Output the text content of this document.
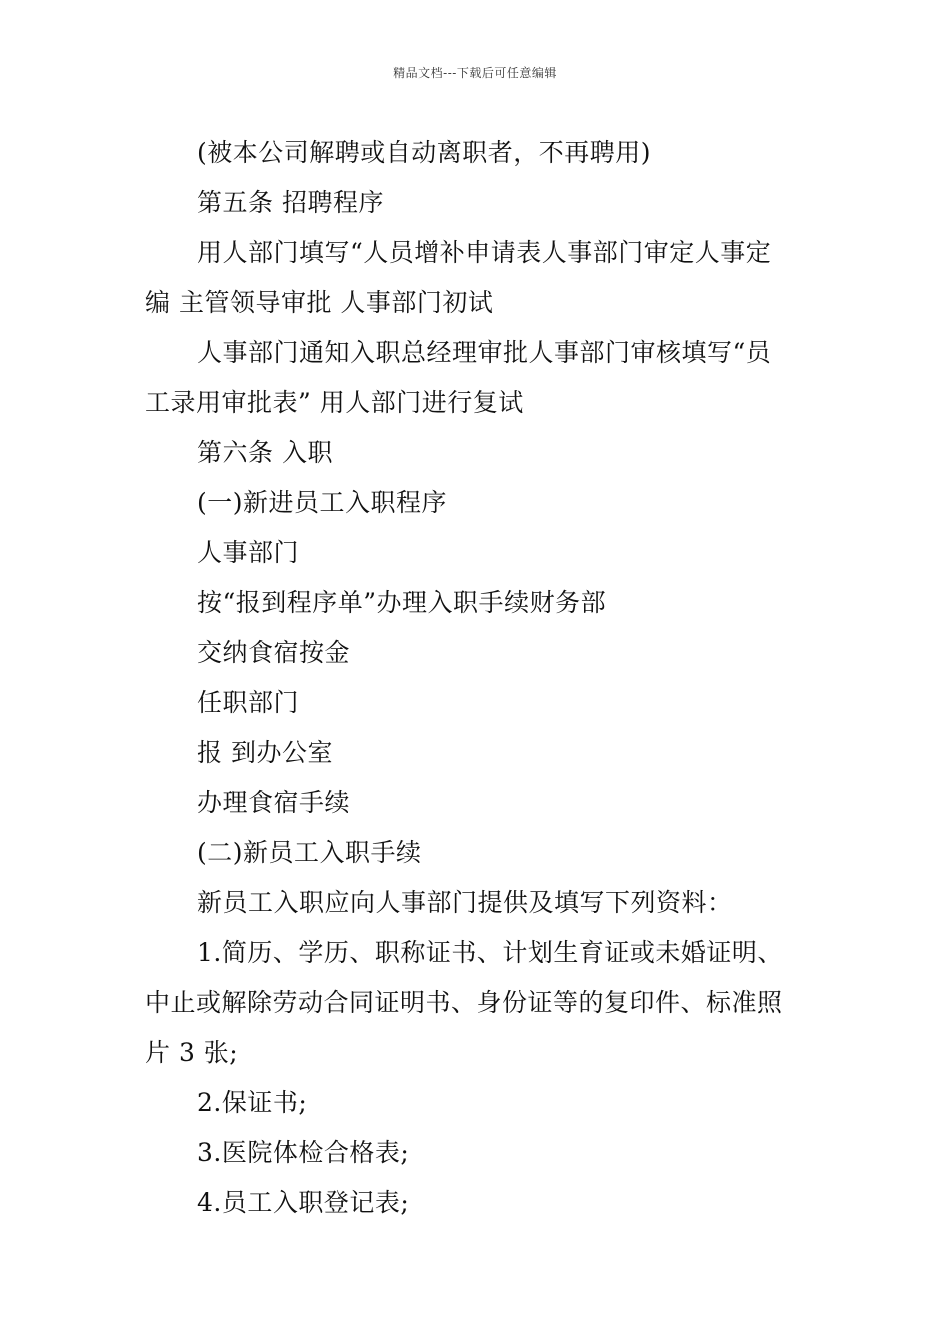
精品文档---下载后可任意编辑
(被本公司解聘或自动离职者，不再聘用)
第五条 招聘程序
用人部门填写“人员增补申请表人事部门审定人事定
编 主管领导审批 人事部门初试
人事部门通知入职总经理审批人事部门审核填写“员
工录用审批表” 用人部门进行复试
第六条 入职
(一)新进员工入职程序
人事部门
按“报到程序单”办理入职手续财务部
交纳食宿按金
任职部门
报 到办公室
办理食宿手续
(二)新员工入职手续
新员工入职应向人事部门提供及填写下列资料：
1.简历、学历、职称证书、计划生育证或未婚证明、
中止或解除劳动合同证明书、身份证等的复印件、标准照
片 3 张;
2.保证书;
3.医院体检合格表;
4.员工入职登记表;
